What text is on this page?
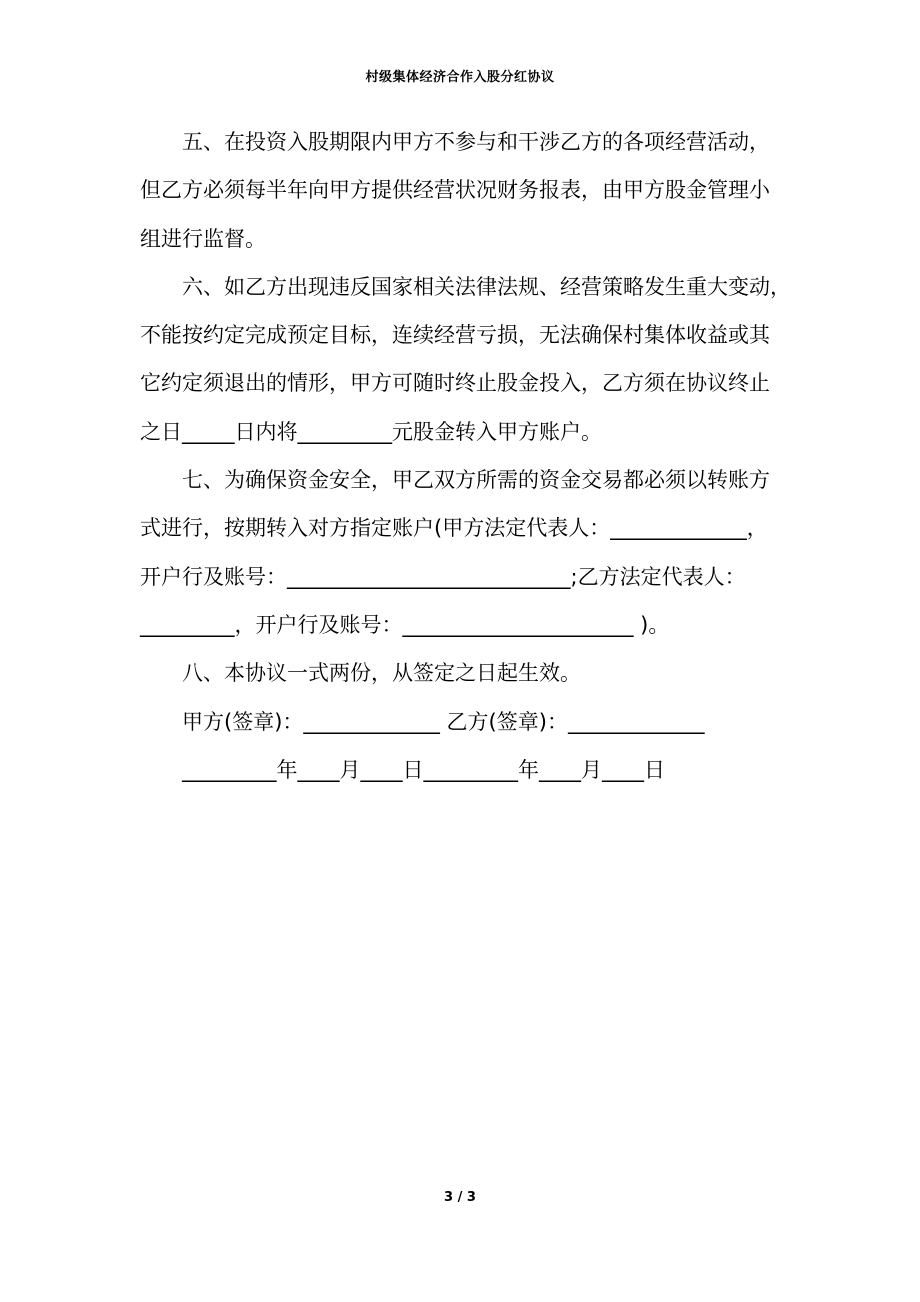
村级集体经济合作入股分红协议

五、在投资入股期限内甲方不参与和干涉乙方的各项经营活动，
但乙方必须每半年向甲方提供经营状况财务报表，由甲方股金管理小
组进行监督。

六、如乙方出现违反国家相关法律法规、经营策略发生重大变动，
不能按约定完成预定目标，连续经营亏损，无法确保村集体收益或其
它约定须退出的情形，甲方可随时终止股金投入，乙方须在协议终止
之日_____日内将_________元股金转入甲方账户。

七、为确保资金安全，甲乙双方所需的资金交易都必须以转账方
式进行，按期转入对方指定账户(甲方法定代表人：_____________，
开户行及账号：___________________________;乙方法定代表人：
_________，开户行及账号：______________________ )。

八、本协议一式两份，从签定之日起生效。

甲方(签章)：_____________ 乙方(签章)：_____________
_________年____月____日_________年____月____日
3 / 3
